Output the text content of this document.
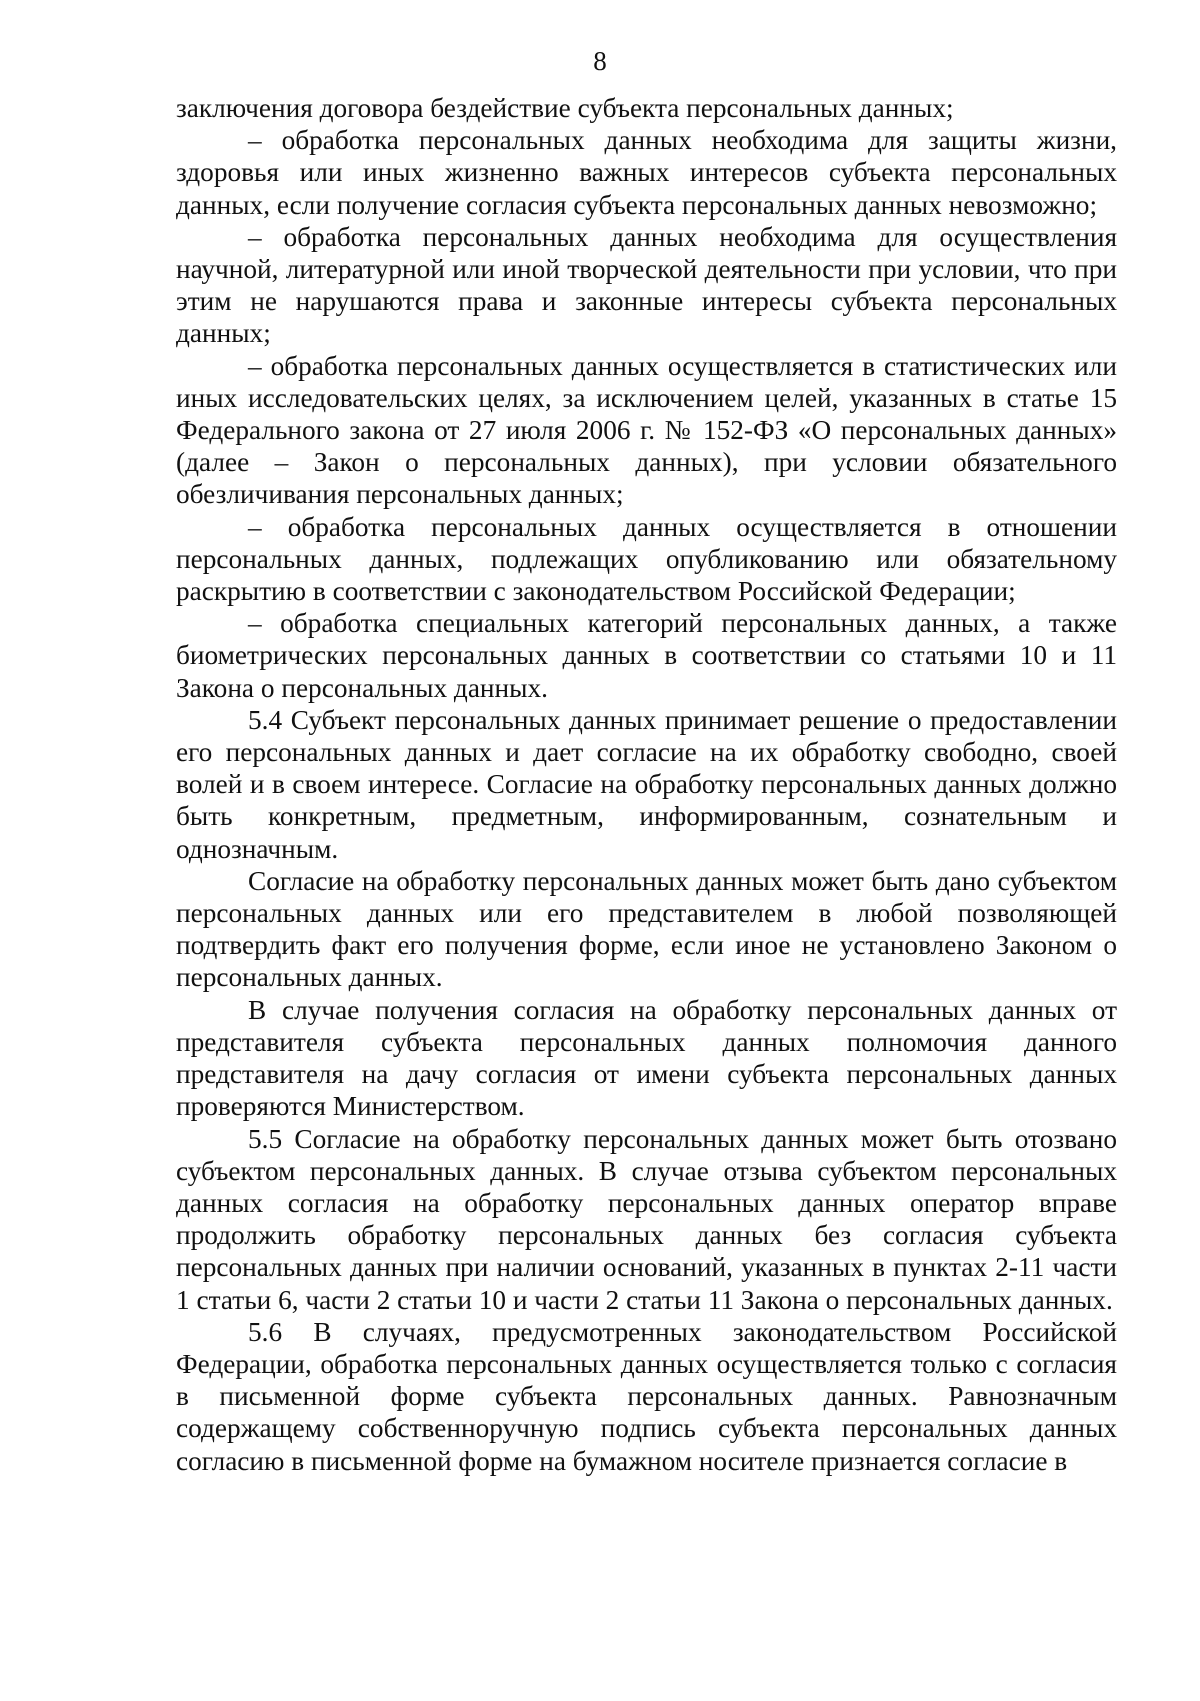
8

заключения договора бездействие субъекта персональных данных;

– обработка персональных данных необходима для защиты жизни, здоровья или иных жизненно важных интересов субъекта персональных данных, если получение согласия субъекта персональных данных невозможно;

– обработка персональных данных необходима для осуществления научной, литературной или иной творческой деятельности при условии, что при этим не нарушаются права и законные интересы субъекта персональных данных;

– обработка персональных данных осуществляется в статистических или иных исследовательских целях, за исключением целей, указанных в статье 15 Федерального закона от 27 июля 2006 г. № 152-ФЗ «О персональных данных» (далее – Закон о персональных данных), при условии обязательного обезличивания персональных данных;

– обработка персональных данных осуществляется в отношении персональных данных, подлежащих опубликованию или обязательному раскрытию в соответствии с законодательством Российской Федерации;

– обработка специальных категорий персональных данных, а также биометрических персональных данных в соответствии со статьями 10 и 11 Закона о персональных данных.

5.4 Субъект персональных данных принимает решение о предоставлении его персональных данных и дает согласие на их обработку свободно, своей волей и в своем интересе. Согласие на обработку персональных данных должно быть конкретным, предметным, информированным, сознательным и однозначным.

Согласие на обработку персональных данных может быть дано субъектом персональных данных или его представителем в любой позволяющей подтвердить факт его получения форме, если иное не установлено Законом о персональных данных.

В случае получения согласия на обработку персональных данных от представителя субъекта персональных данных полномочия данного представителя на дачу согласия от имени субъекта персональных данных проверяются Министерством.

5.5 Согласие на обработку персональных данных может быть отозвано субъектом персональных данных. В случае отзыва субъектом персональных данных согласия на обработку персональных данных оператор вправе продолжить обработку персональных данных без согласия субъекта персональных данных при наличии оснований, указанных в пунктах 2-11 части 1 статьи 6, части 2 статьи 10 и части 2 статьи 11 Закона о персональных данных.

5.6 В случаях, предусмотренных законодательством Российской Федерации, обработка персональных данных осуществляется только с согласия в письменной форме субъекта персональных данных. Равнозначным содержащему собственноручную подпись субъекта персональных данных согласию в письменной форме на бумажном носителе признается согласие в
